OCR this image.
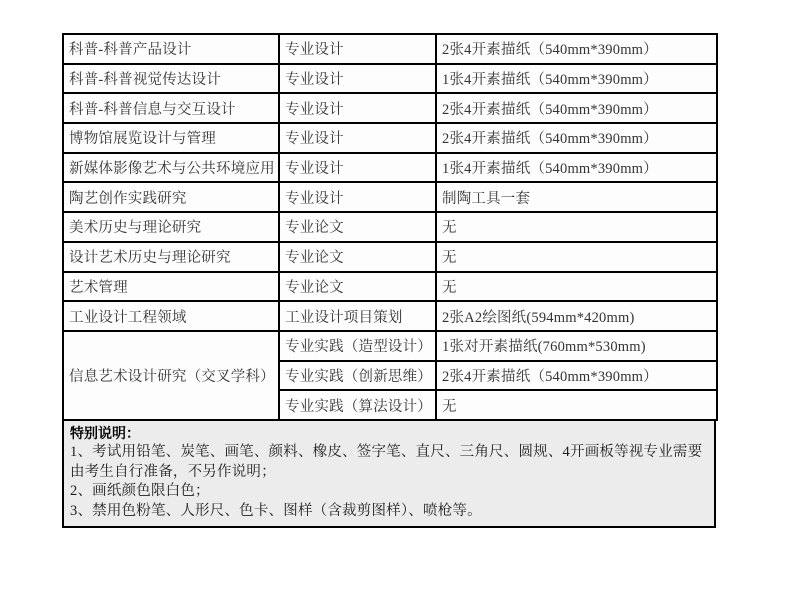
科普-科普产品设计	专业设计	2张4开素描纸（540mm*390mm）
科普-科普视觉传达设计	专业设计	1张4开素描纸（540mm*390mm）
科普-科普信息与交互设计	专业设计	2张4开素描纸（540mm*390mm）
博物馆展览设计与管理	专业设计	2张4开素描纸（540mm*390mm）
新媒体影像艺术与公共环境应用	专业设计	1张4开素描纸（540mm*390mm）
陶艺创作实践研究	专业设计	制陶工具一套
美术历史与理论研究	专业论文	无
设计艺术历史与理论研究	专业论文	无
艺术管理	专业论文	无
工业设计工程领域	工业设计项目策划	2张A2绘图纸(594mm*420mm)
信息艺术设计研究（交叉学科）	专业实践（造型设计）	1张对开素描纸(760mm*530mm)
	专业实践（创新思维）	2张4开素描纸（540mm*390mm）
	专业实践（算法设计）	无
特别说明：
1、考试用铅笔、炭笔、画笔、颜料、橡皮、签字笔、直尺、三角尺、圆规、4开画板等视专业需要由考生自行准备，不另作说明；
2、画纸颜色限白色；
3、禁用色粉笔、人形尺、色卡、图样（含裁剪图样）、喷枪等。
